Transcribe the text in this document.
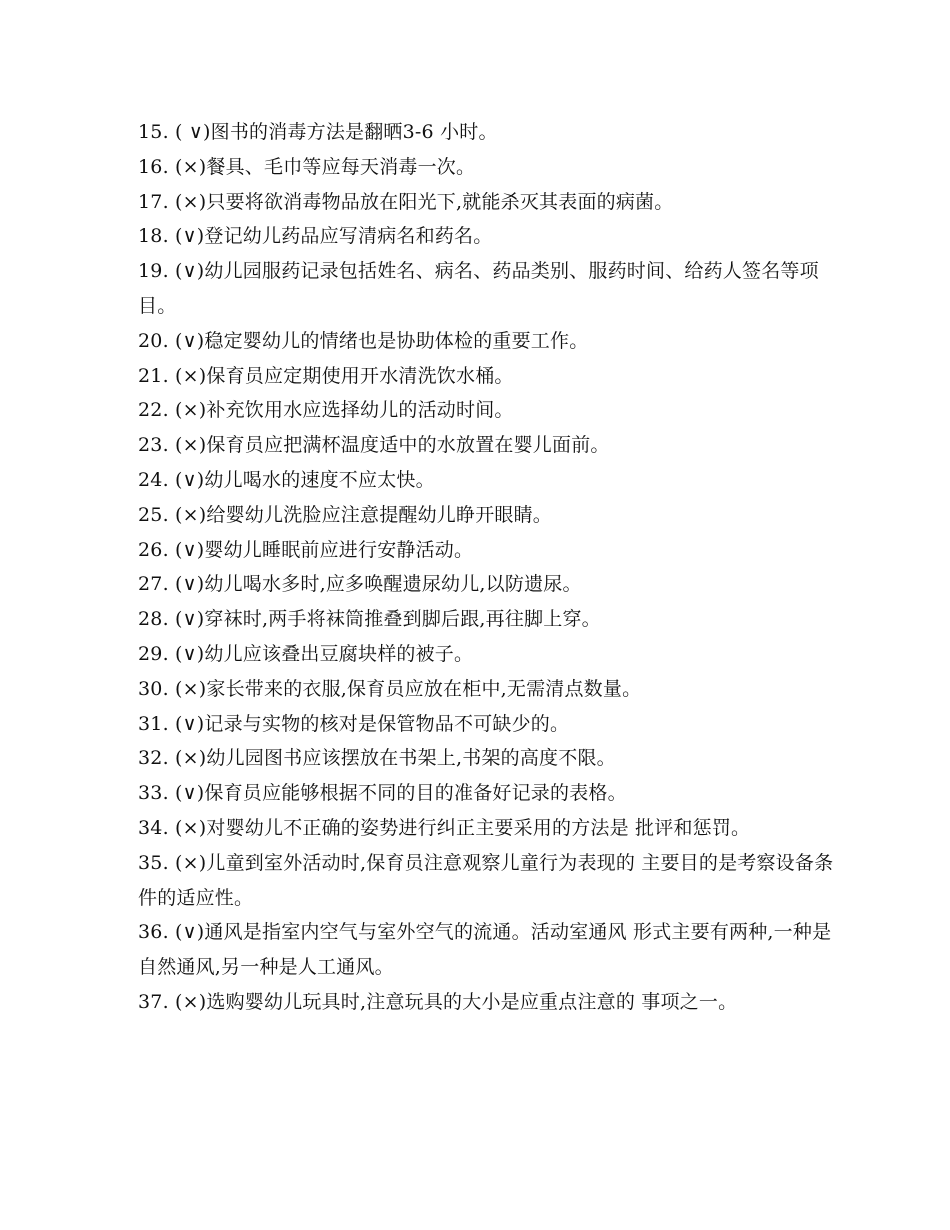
15. ( ∨)图书的消毒方法是翻晒3-6 小时。
16. (×)餐具、毛巾等应每天消毒一次。
17. (×)只要将欲消毒物品放在阳光下,就能杀灭其表面的病菌。
18. (∨)登记幼儿药品应写清病名和药名。
19. (∨)幼儿园服药记录包括姓名、病名、药品类别、服药时间、给药人签名等项目。
20. (∨)稳定婴幼儿的情绪也是协助体检的重要工作。
21. (×)保育员应定期使用开水清洗饮水桶。
22. (×)补充饮用水应选择幼儿的活动时间。
23. (×)保育员应把满杯温度适中的水放置在婴儿面前。
24. (∨)幼儿喝水的速度不应太快。
25. (×)给婴幼儿洗脸应注意提醒幼儿睁开眼睛。
26. (∨)婴幼儿睡眠前应进行安静活动。
27. (∨)幼儿喝水多时,应多唤醒遗尿幼儿,以防遗尿。
28. (∨)穿袜时,两手将袜筒推叠到脚后跟,再往脚上穿。
29. (∨)幼儿应该叠出豆腐块样的被子。
30. (×)家长带来的衣服,保育员应放在柜中,无需清点数量。
31. (∨)记录与实物的核对是保管物品不可缺少的。
32. (×)幼儿园图书应该摆放在书架上,书架的高度不限。
33. (∨)保育员应能够根据不同的目的准备好记录的表格。
34. (×)对婴幼儿不正确的姿势进行纠正主要采用的方法是 批评和惩罚。
35. (×)儿童到室外活动时,保育员注意观察儿童行为表现的 主要目的是考察设备条件的适应性。
36. (∨)通风是指室内空气与室外空气的流通。活动室通风 形式主要有两种,一种是自然通风,另一种是人工通风。
37. (×)选购婴幼儿玩具时,注意玩具的大小是应重点注意的 事项之一。
